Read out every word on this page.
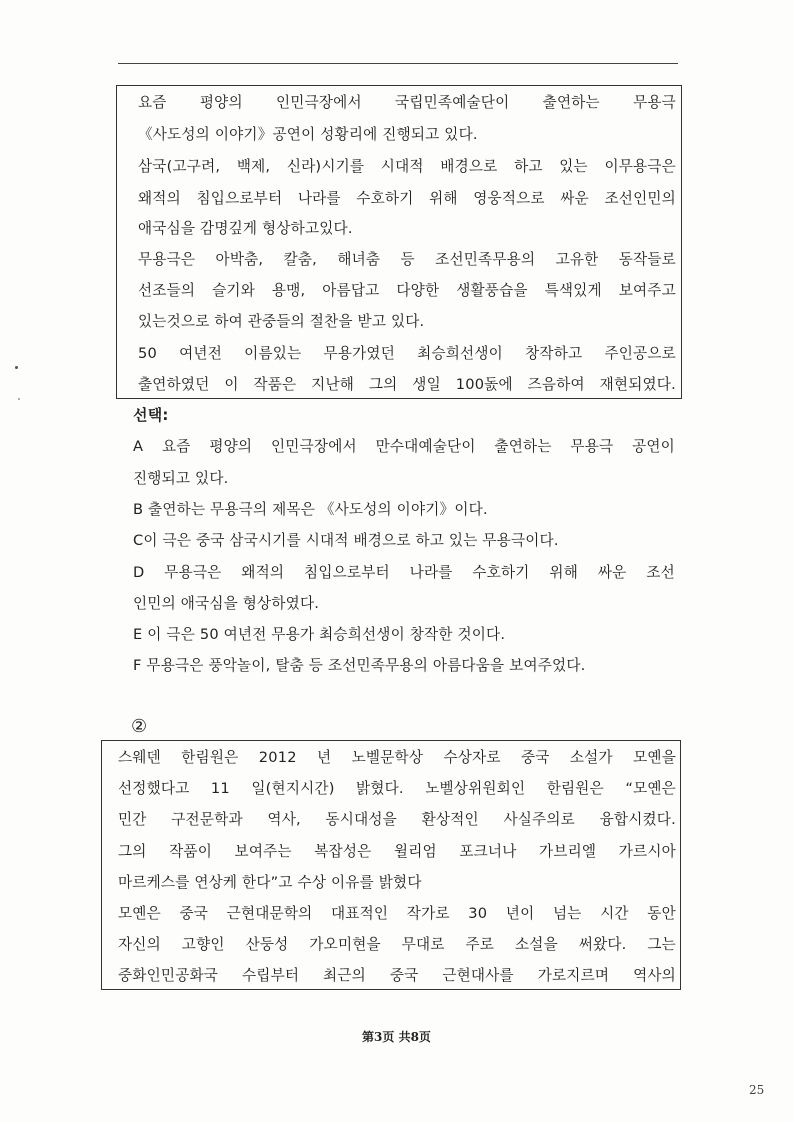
요즘 평양의 인민극장에서 국립민족예술단이 출연하는 무용극
《사도성의 이야기》공연이 성황리에 진행되고 있다.
삼국(고구려, 백제, 신라)시기를 시대적 배경으로 하고 있는 이무용극은
왜적의 침입으로부터 나라를 수호하기 위해 영웅적으로 싸운 조선인민의
애국심을 감명깊게 형상하고있다.
무용극은 아박춤, 칼춤, 해녀춤 등 조선민족무용의 고유한 동작들로
선조들의 슬기와 용맹, 아름답고 다양한 생활풍습을 특색있게 보여주고
있는것으로 하여 관중들의 절찬을 받고 있다.
50 여년전 이름있는 무용가였던 최승희선생이 창작하고 주인공으로
출연하였던 이 작품은 지난해 그의 생일 100돐에 즈음하여 재현되였다.
선택:
A 요즘 평양의 인민극장에서 만수대예술단이 출연하는 무용극 공연이
진행되고 있다.
B 출연하는 무용극의 제목은 《사도성의 이야기》이다.
C이 극은 중국 삼국시기를 시대적 배경으로 하고 있는 무용극이다.
D 무용극은 왜적의 침입으로부터 나라를 수호하기 위해 싸운 조선
인민의 애국심을 형상하였다.
E 이 극은 50 여년전 무용가 최승희선생이 창작한 것이다.
F 무용극은 풍악놀이, 탈춤 등 조선민족무용의 아름다움을 보여주었다.
②
스웨덴 한림원은 2012 년 노벨문학상 수상자로 중국 소설가 모옌을
선정했다고 11 일(현지시간) 밝혔다. 노벨상위원회인 한림원은 “모옌은
민간 구전문학과 역사, 동시대성을 환상적인 사실주의로 융합시켰다.
그의 작품이 보여주는 복잡성은 윌리엄 포크너나 가브리엘 가르시아
마르케스를 연상케 한다”고 수상 이유를 밝혔다
모옌은 중국 근현대문학의 대표적인 작가로 30 년이 넘는 시간 동안
자신의 고향인 산둥성 가오미현을 무대로 주로 소설을 써왔다. 그는
중화인민공화국 수립부터 최근의 중국 근현대사를 가로지르며 역사의
第3页 共8页
25
